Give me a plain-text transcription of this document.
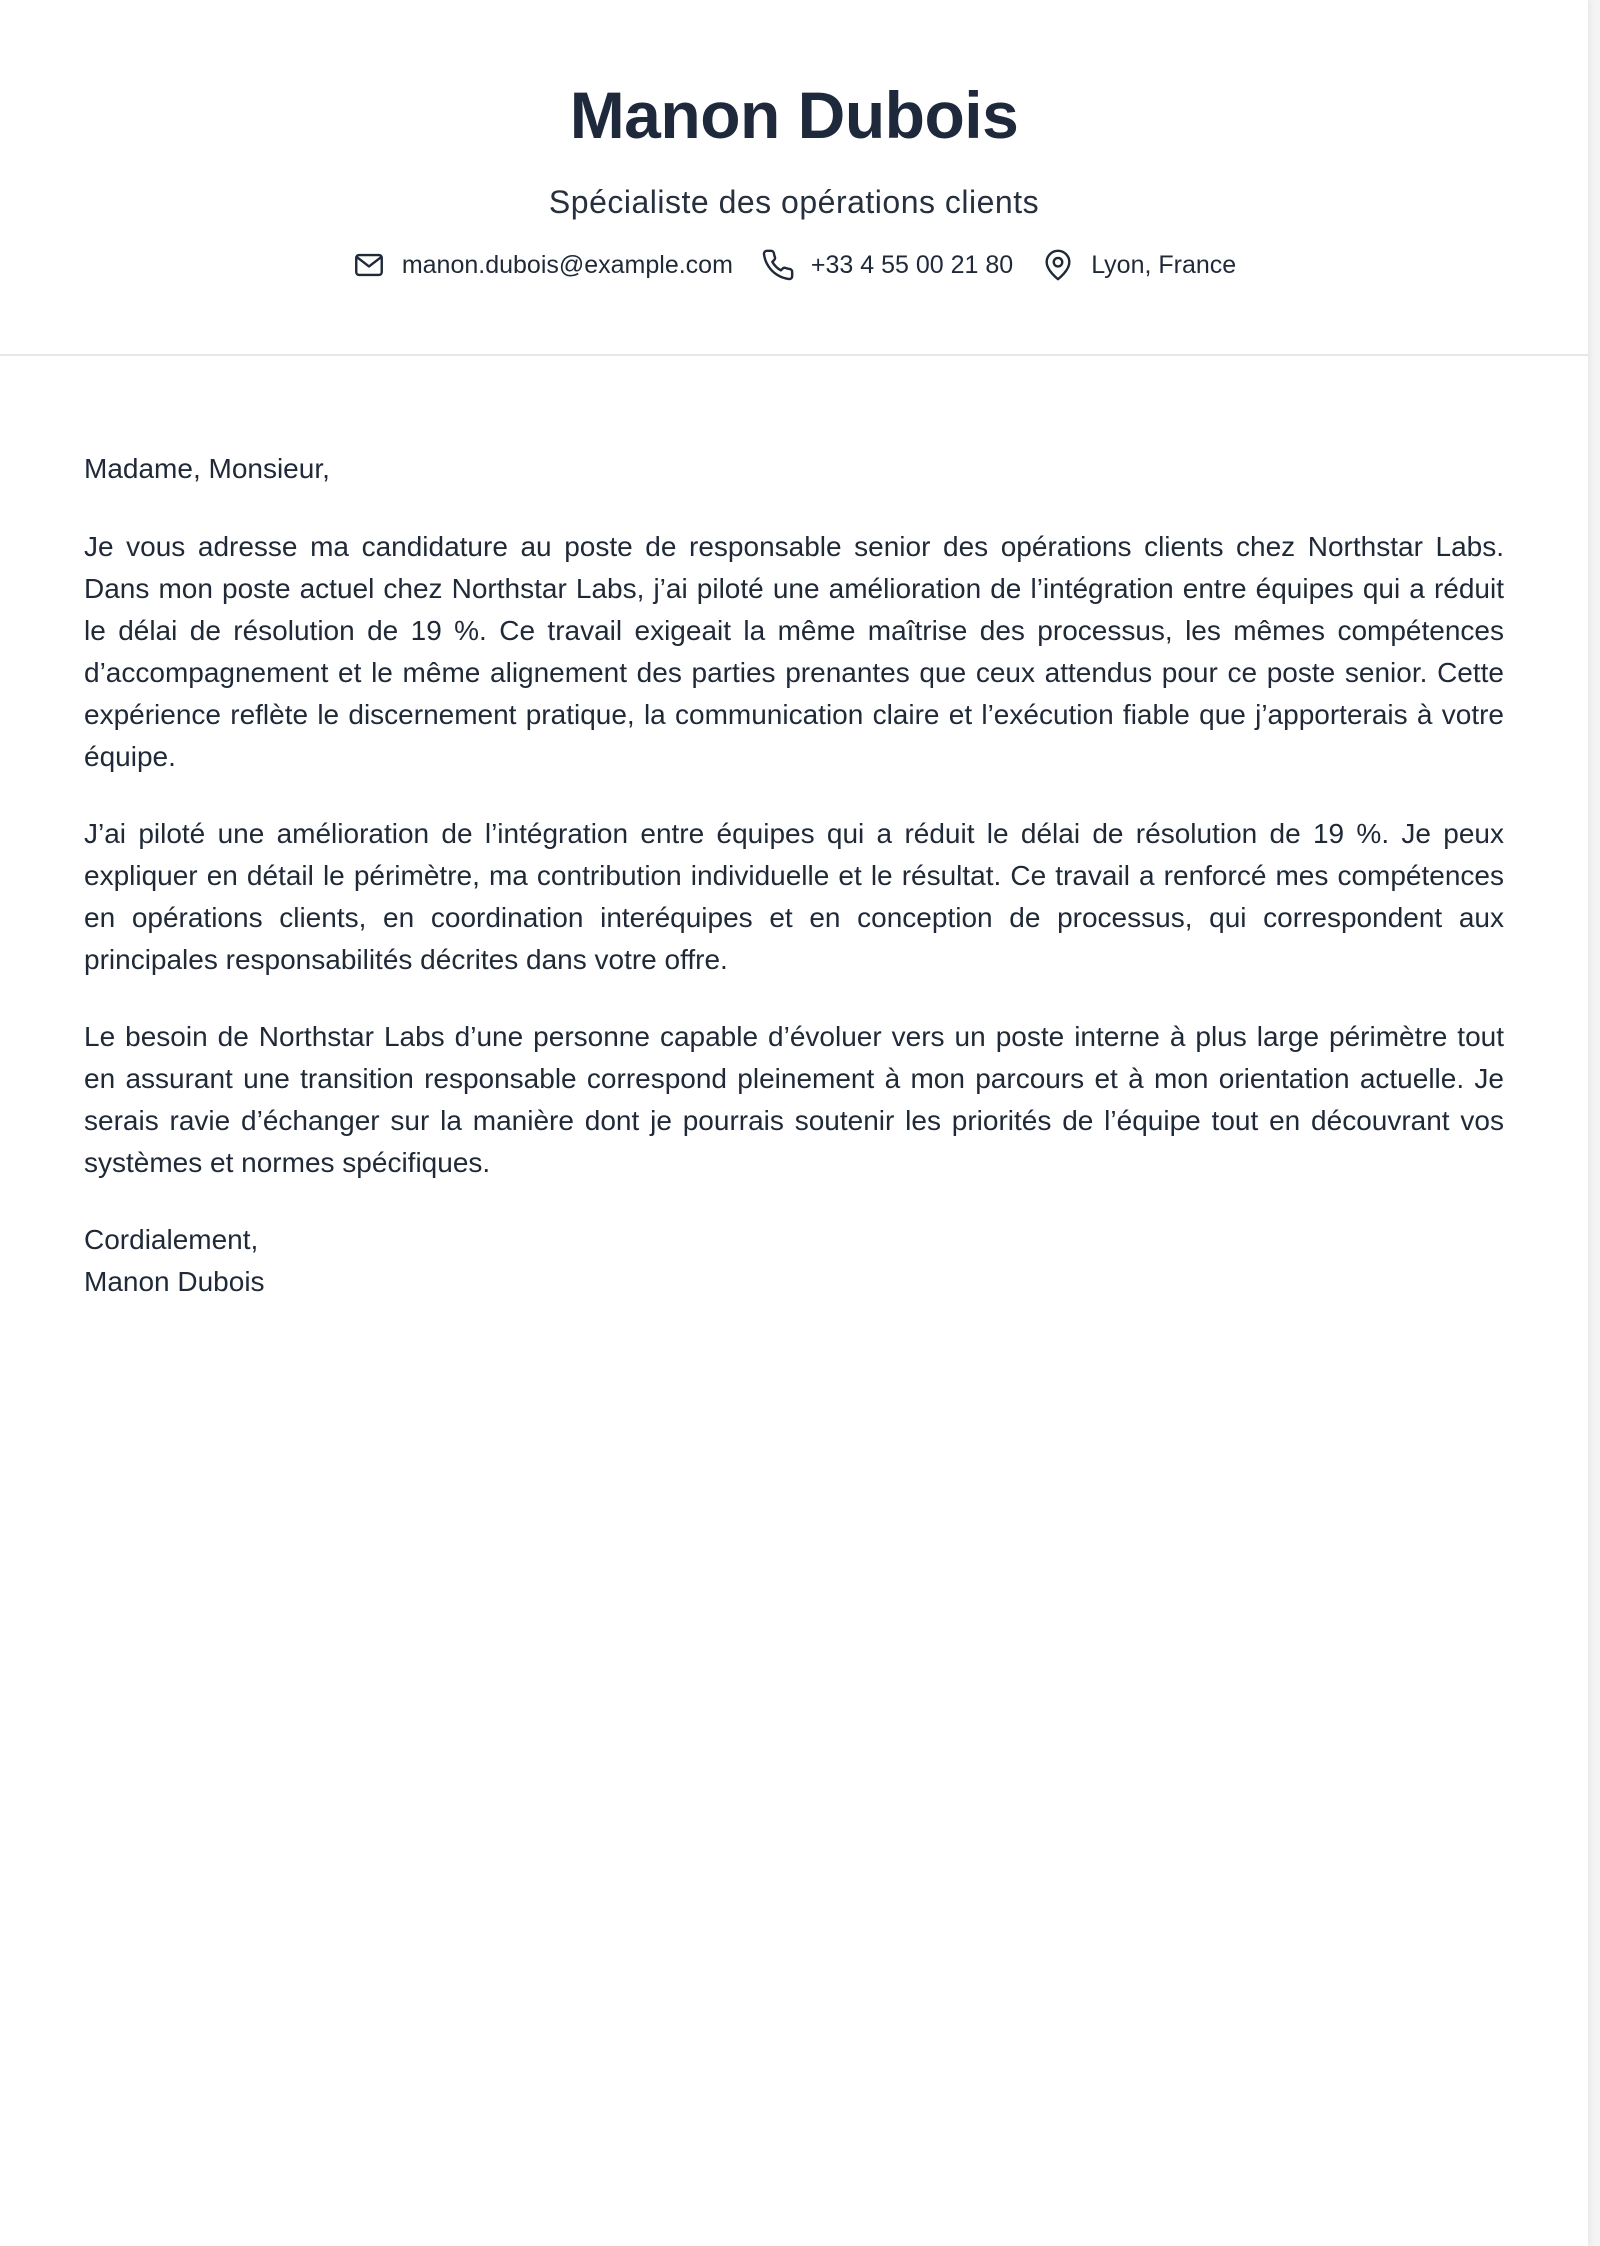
Manon Dubois

Spécialiste des opérations clients

manon.dubois@example.com	+33 4 55 00 21 80	Lyon, France

Madame, Monsieur,

Je vous adresse ma candidature au poste de responsable senior des opérations clients chez Northstar Labs. Dans mon poste actuel chez Northstar Labs, j’ai piloté une amélioration de l’intégration entre équipes qui a réduit le délai de résolution de 19 %. Ce travail exigeait la même maîtrise des processus, les mêmes compétences d’accompagnement et le même alignement des parties prenantes que ceux attendus pour ce poste senior. Cette expérience reflète le discernement pratique, la communication claire et l’exécution fiable que j’apporterais à votre équipe.

J’ai piloté une amélioration de l’intégration entre équipes qui a réduit le délai de résolution de 19 %. Je peux expliquer en détail le périmètre, ma contribution individuelle et le résultat. Ce travail a renforcé mes compétences en opérations clients, en coordination interéquipes et en conception de processus, qui correspondent aux principales responsabilités décrites dans votre offre.

Le besoin de Northstar Labs d’une personne capable d’évoluer vers un poste interne à plus large périmètre tout en assurant une transition responsable correspond pleinement à mon parcours et à mon orientation actuelle. Je serais ravie d’échanger sur la manière dont je pourrais soutenir les priorités de l’équipe tout en découvrant vos systèmes et normes spécifiques.

Cordialement,

Manon Dubois
